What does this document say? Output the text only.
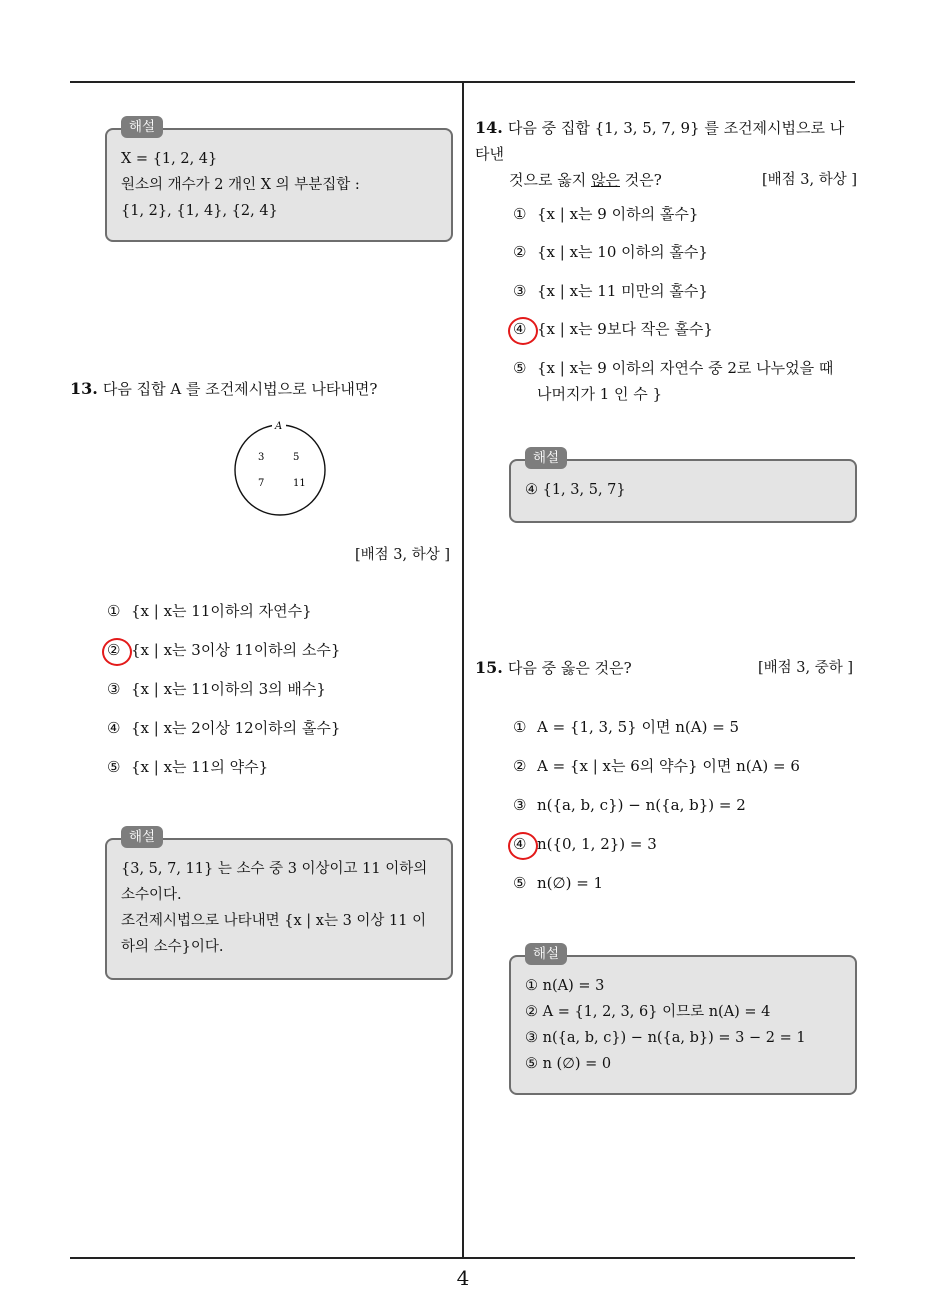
해설
X = {1, 2, 4}
원소의 개수가 2 개인 X 의 부분집합 :
{1, 2}, {1, 4}, {2, 4}
13. 다음 집합 A 를 조건제시법으로 나타내면?
A
3	5
7	11
[배점 3, 하상 ]
① {x | x는 11이하의 자연수}
② {x | x는 3이상 11이하의 소수}
③ {x | x는 11이하의 3의 배수}
④ {x | x는 2이상 12이하의 홀수}
⑤ {x | x는 11의 약수}
해설
{3, 5, 7, 11} 는 소수 중 3 이상이고 11 이하의 소수이다.
조건제시법으로 나타내면 {x | x는 3 이상 11 이하의 소수}이다.
14. 다음 중 집합 {1, 3, 5, 7, 9} 를 조건제시법으로 나타낸
것으로 옳지 않은 것은?	[배점 3, 하상 ]
① {x | x는 9 이하의 홀수}
② {x | x는 10 이하의 홀수}
③ {x | x는 11 미만의 홀수}
④ {x | x는 9보다 작은 홀수}
⑤ {x | x는 9 이하의 자연수 중 2로 나누었을 때
나머지가 1 인 수 }
해설
④ {1, 3, 5, 7}
15. 다음 중 옳은 것은?	[배점 3, 중하 ]
① A = {1, 3, 5} 이면 n(A) = 5
② A = {x | x는 6의 약수} 이면 n(A) = 6
③ n({a, b, c}) − n({a, b}) = 2
④ n({0, 1, 2}) = 3
⑤ n(∅) = 1
해설
① n(A) = 3
② A = {1, 2, 3, 6} 이므로 n(A) = 4
③ n({a, b, c}) − n({a, b}) = 3 − 2 = 1
⑤ n (∅) = 0
4
